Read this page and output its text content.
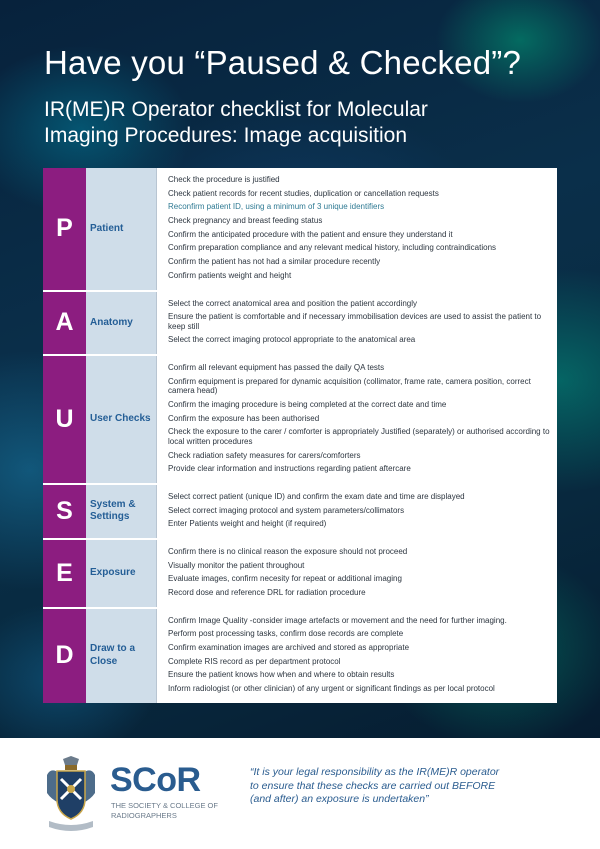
Have you “Paused & Checked”?
IR(ME)R Operator checklist for Molecular Imaging Procedures: Image acquisition
P	Patient
Check the procedure is justified
Check patient records for recent studies, duplication or cancellation requests
Reconfirm patient ID, using a minimum of 3 unique identifiers
Check pregnancy and breast feeding status
Confirm the anticipated procedure with the patient and ensure they understand it
Confirm preparation compliance and any relevant medical history, including contraindications
Confirm the patient has not had a similar procedure recently
Confirm patients weight and height
A	Anatomy
Select the correct anatomical area and position the patient accordingly
Ensure the patient is comfortable and if necessary immobilisation devices are used to assist the patient to keep still
Select the correct imaging protocol appropriate to the anatomical area
U	User Checks
Confirm all relevant equipment has passed the daily QA tests
Confirm equipment is prepared for dynamic acquisition (collimator, frame rate, camera position, correct camera head)
Confirm the imaging procedure is being completed at the correct date and time
Confirm the exposure has been authorised
Check the exposure to the carer / comforter is appropriately Justified (separately) or authorised according to local written procedures
Check radiation safety measures for carers/comforters
Provide clear information and instructions regarding patient aftercare
S	System & Settings
Select correct patient (unique ID) and confirm the exam date and time are displayed
Select correct imaging protocol and system parameters/collimators
Enter Patients weight and height (if required)
E	Exposure
Confirm there is no clinical reason the exposure should not proceed
Visually monitor the patient throughout
Evaluate images, confirm necesity for repeat or additional imaging
Record dose and reference DRL for radiation procedure
D	Draw to a Close
Confirm Image Quality -consider image artefacts or movement and the need for further imaging.
Perform post processing tasks, confirm dose records are complete
Confirm examination images are archived and stored as appropriate
Complete RIS record as per department protocol
Ensure the patient knows how when and where to obtain results
Inform radiologist (or other clinician) of any urgent or significant findings as per local protocol
SCoR
THE SOCIETY & COLLEGE OF RADIOGRAPHERS
“It is your legal responsibility as the IR(ME)R operator to ensure that these checks are carried out BEFORE (and after) an exposure is undertaken”
